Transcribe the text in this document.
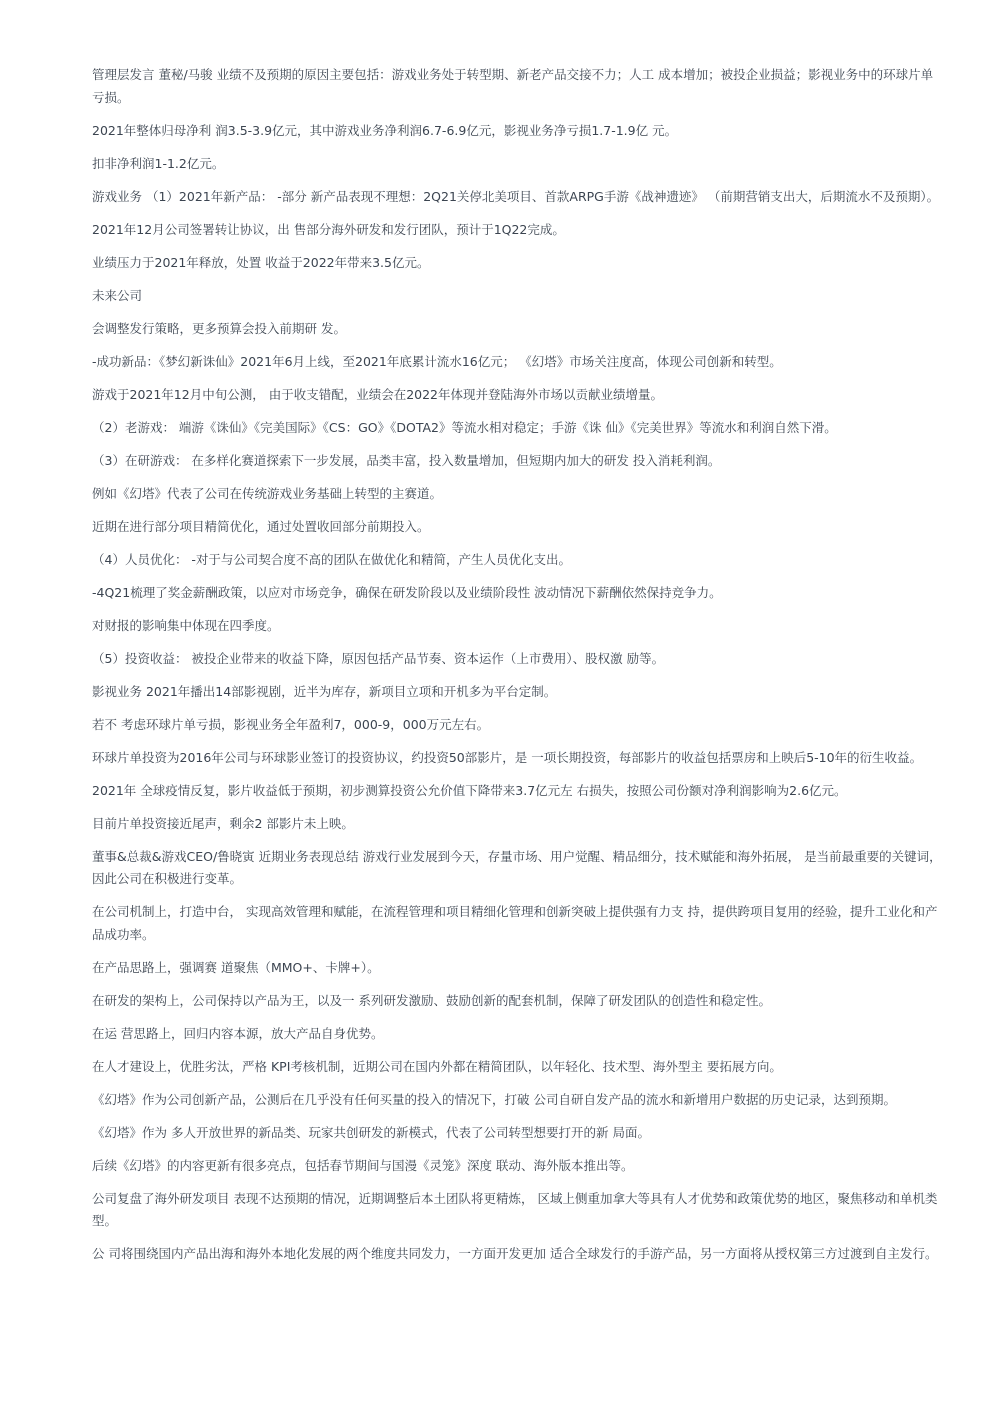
管理层发言 董秘/马骏 业绩不及预期的原因主要包括：游戏业务处于转型期、新老产品交接不力；人工 成本增加；被投企业损益；影视业务中的环球片单亏损。

2021年整体归母净利 润3.5-3.9亿元，其中游戏业务净利润6.7-6.9亿元，影视业务净亏损1.7-1.9亿 元。

扣非净利润1-1.2亿元。

游戏业务 （1）2021年新产品： -部分 新产品表现不理想：2Q21关停北美项目、首款ARPG手游《战神遗迹》 （前期营销支出大，后期流水不及预期）。

2021年12月公司签署转让协议，出 售部分海外研发和发行团队，预计于1Q22完成。

业绩压力于2021年释放，处置 收益于2022年带来3.5亿元。

未来公司

会调整发行策略，更多预算会投入前期研 发。

-成功新品：《梦幻新诛仙》2021年6月上线，至2021年底累计流水16亿元； 《幻塔》市场关注度高，体现公司创新和转型。

游戏于2021年12月中旬公测， 由于收支错配，业绩会在2022年体现并登陆海外市场以贡献业绩增量。

（2）老游戏： 端游《诛仙》《完美国际》《CS：GO》《DOTA2》等流水相对稳定；手游《诛 仙》《完美世界》等流水和利润自然下滑。

（3）在研游戏： 在多样化赛道探索下一步发展，品类丰富，投入数量增加，但短期内加大的研发 投入消耗利润。

例如《幻塔》代表了公司在传统游戏业务基础上转型的主赛道。

近期在进行部分项目精简优化，通过处置收回部分前期投入。

（4）人员优化： -对于与公司契合度不高的团队在做优化和精简，产生人员优化支出。

-4Q21梳理了奖金薪酬政策，以应对市场竞争，确保在研发阶段以及业绩阶段性 波动情况下薪酬依然保持竞争力。

对财报的影响集中体现在四季度。

（5）投资收益： 被投企业带来的收益下降，原因包括产品节奏、资本运作（上市费用）、股权激 励等。

影视业务 2021年播出14部影视剧，近半为库存，新项目立项和开机多为平台定制。

若不 考虑环球片单亏损，影视业务全年盈利7，000-9，000万元左右。

环球片单投资为2016年公司与环球影业签订的投资协议，约投资50部影片，是 一项长期投资，每部影片的收益包括票房和上映后5-10年的衍生收益。

2021年 全球疫情反复，影片收益低于预期，初步测算投资公允价值下降带来3.7亿元左 右损失，按照公司份额对净利润影响为2.6亿元。

目前片单投资接近尾声，剩余2 部影片未上映。

董事&总裁&游戏CEO/鲁晓寅 近期业务表现总结 游戏行业发展到今天，存量市场、用户觉醒、精品细分，技术赋能和海外拓展， 是当前最重要的关键词，因此公司在积极进行变革。

在公司机制上，打造中台， 实现高效管理和赋能，在流程管理和项目精细化管理和创新突破上提供强有力支 持，提供跨项目复用的经验，提升工业化和产品成功率。

在产品思路上，强调赛 道聚焦（MMO+、卡牌+）。

在研发的架构上，公司保持以产品为王，以及一 系列研发激励、鼓励创新的配套机制，保障了研发团队的创造性和稳定性。

在运 营思路上，回归内容本源，放大产品自身优势。

在人才建设上，优胜劣汰，严格 KPI考核机制，近期公司在国内外都在精简团队，以年轻化、技术型、海外型主 要拓展方向。

《幻塔》作为公司创新产品，公测后在几乎没有任何买量的投入的情况下，打破 公司自研自发产品的流水和新增用户数据的历史记录，达到预期。

《幻塔》作为 多人开放世界的新品类、玩家共创研发的新模式，代表了公司转型想要打开的新 局面。

后续《幻塔》的内容更新有很多亮点，包括春节期间与国漫《灵笼》深度 联动、海外版本推出等。

公司复盘了海外研发项目 表现不达预期的情况，近期调整后本土团队将更精炼， 区域上侧重加拿大等具有人才优势和政策优势的地区，聚焦移动和单机类型。

公 司将围绕国内产品出海和海外本地化发展的两个维度共同发力，一方面开发更加 适合全球发行的手游产品，另一方面将从授权第三方过渡到自主发行。
